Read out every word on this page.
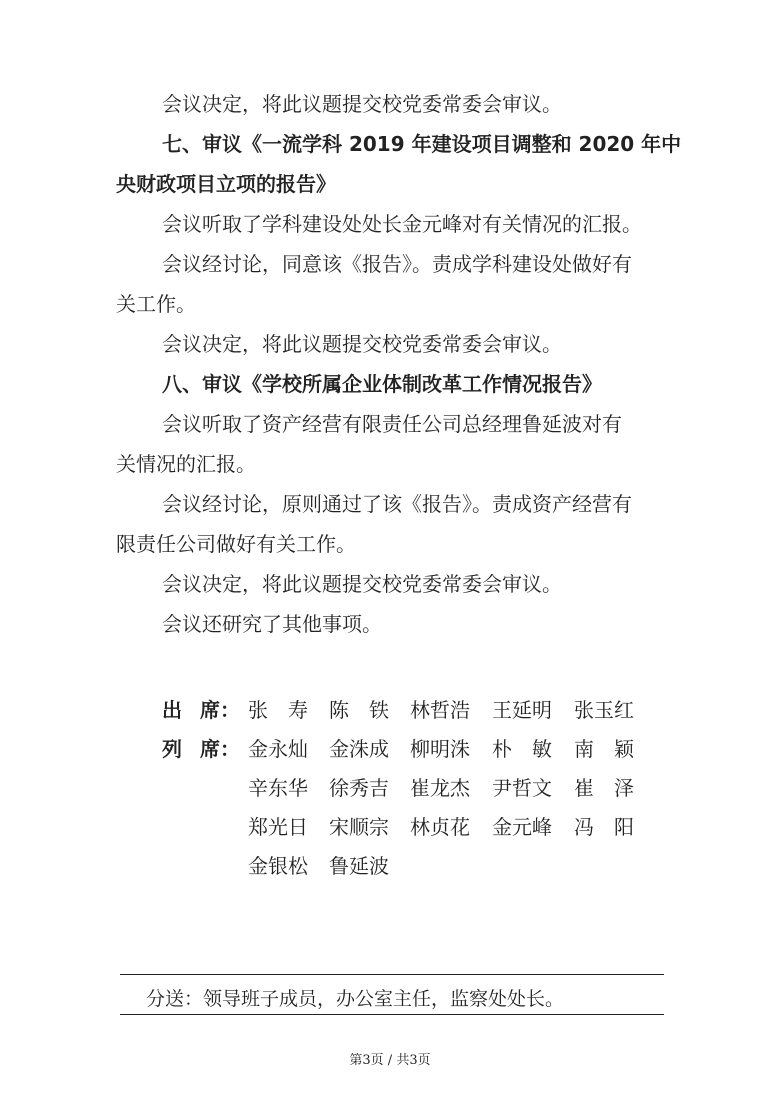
会议决定，将此议题提交校党委常委会审议。

七、审议《一流学科 2019 年建设项目调整和 2020 年中

央财政项目立项的报告》

会议听取了学科建设处处长金元峰对有关情况的汇报。

会议经讨论，同意该《报告》。责成学科建设处做好有

关工作。

会议决定，将此议题提交校党委常委会审议。

八、审议《学校所属企业体制改革工作情况报告》

会议听取了资产经营有限责任公司总经理鲁延波对有

关情况的汇报。

会议经讨论，原则通过了该《报告》。责成资产经营有

限责任公司做好有关工作。

会议决定，将此议题提交校党委常委会审议。

会议还研究了其他事项。

出 席： 张　寿 陈　铁 林哲浩 王延明 张玉红
列 席： 金永灿 金洙成 柳明洙 朴　敏 南　颖
辛东华 徐秀吉 崔龙杰 尹哲文 崔　泽
郑光日 宋顺宗 林贞花 金元峰 冯　阳
金银松 鲁延波
分送：领导班子成员，办公室主任，监察处处长。
第3页 / 共3页
